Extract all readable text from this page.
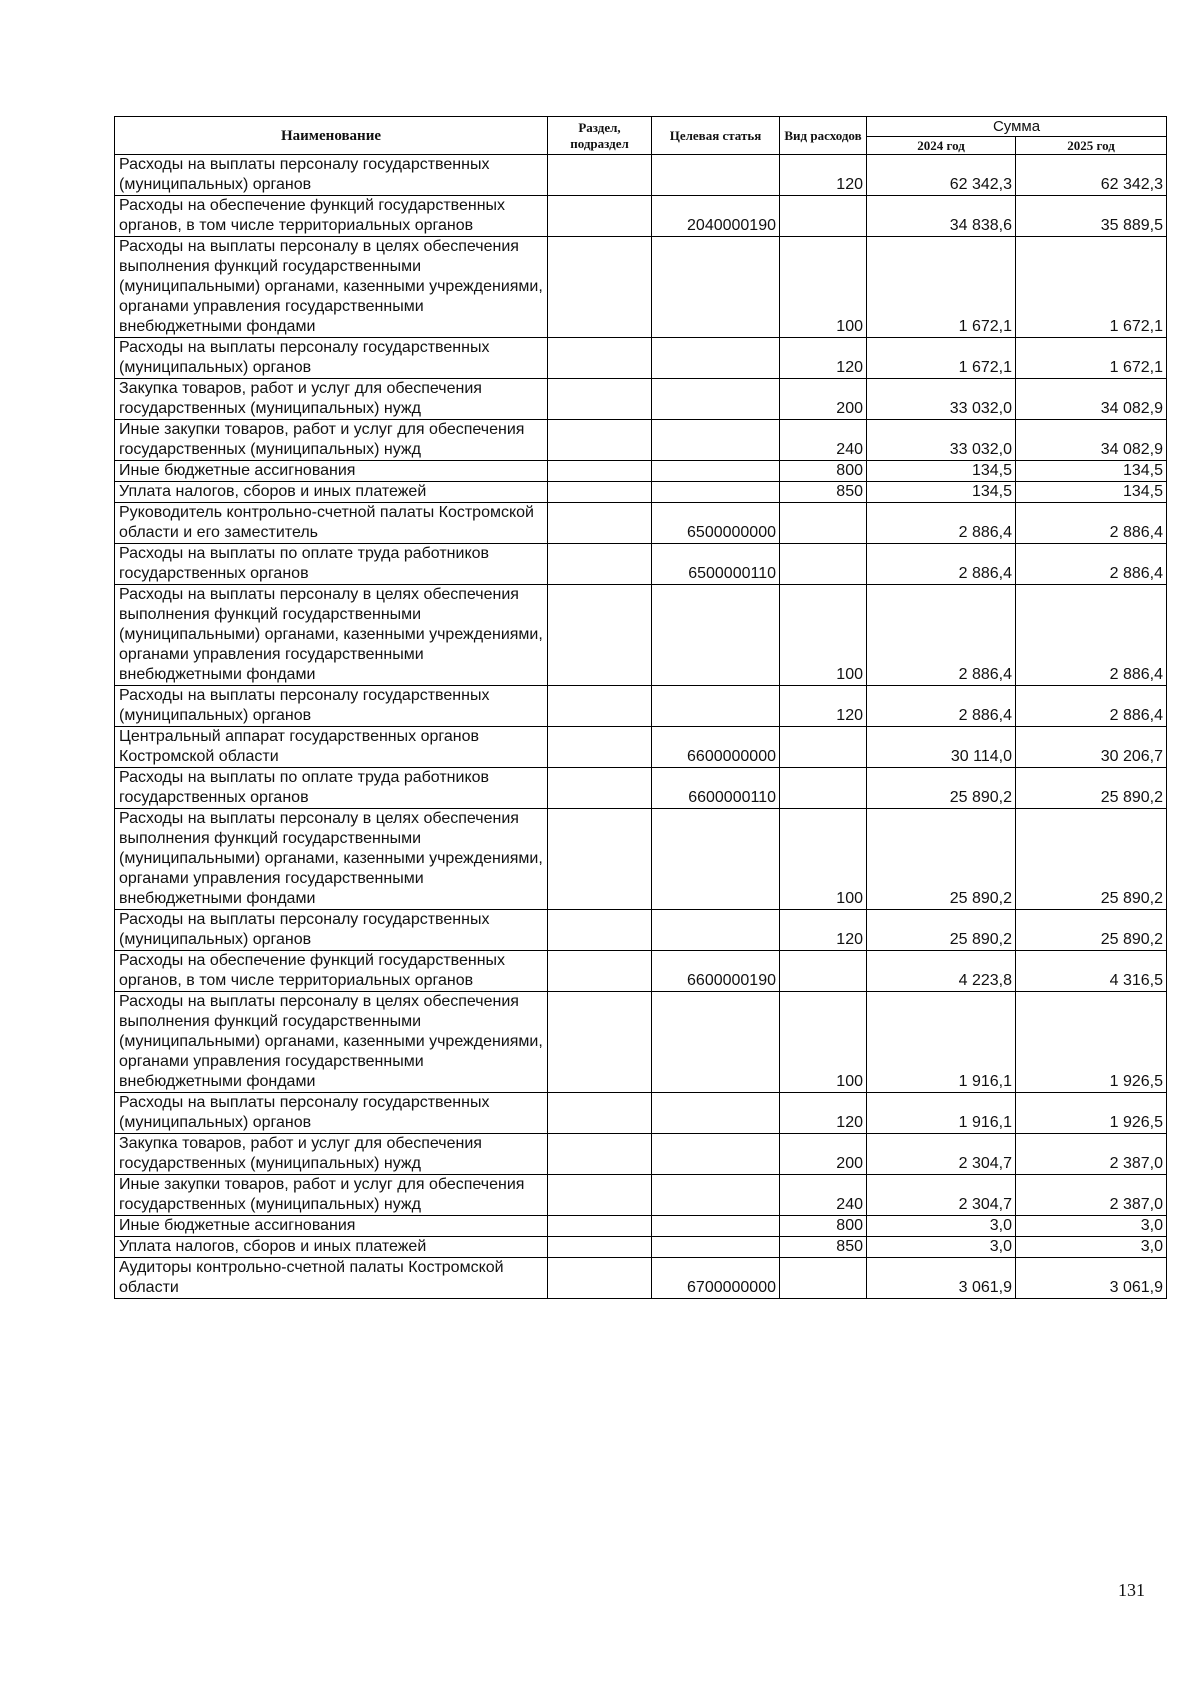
Наименование	Раздел, подраздел	Целевая статья	Вид расходов	Сумма	
				2024 год	2025 год
Расходы на выплаты персоналу государственных (муниципальных) органов			120	62 342,3	62 342,3
Расходы на обеспечение функций государственных органов, в том числе территориальных органов		2040000190		34 838,6	35 889,5
Расходы на выплаты персоналу в целях обеспечения выполнения функций государственными (муниципальными) органами, казенными учреждениями, органами управления государственными внебюджетными фондами			100	1 672,1	1 672,1
Расходы на выплаты персоналу государственных (муниципальных) органов			120	1 672,1	1 672,1
Закупка товаров, работ и услуг для обеспечения государственных (муниципальных) нужд			200	33 032,0	34 082,9
Иные закупки товаров, работ и услуг для обеспечения государственных (муниципальных) нужд			240	33 032,0	34 082,9
Иные бюджетные ассигнования			800	134,5	134,5
Уплата налогов, сборов и иных платежей			850	134,5	134,5
Руководитель контрольно-счетной палаты Костромской области и его заместитель		6500000000		2 886,4	2 886,4
Расходы на выплаты по оплате труда работников государственных органов		6500000110		2 886,4	2 886,4
Расходы на выплаты персоналу в целях обеспечения выполнения функций государственными (муниципальными) органами, казенными учреждениями, органами управления государственными внебюджетными фондами			100	2 886,4	2 886,4
Расходы на выплаты персоналу государственных (муниципальных) органов			120	2 886,4	2 886,4
Центральный аппарат государственных органов Костромской области		6600000000		30 114,0	30 206,7
Расходы на выплаты по оплате труда работников государственных органов		6600000110		25 890,2	25 890,2
Расходы на выплаты персоналу в целях обеспечения выполнения функций государственными (муниципальными) органами, казенными учреждениями, органами управления государственными внебюджетными фондами			100	25 890,2	25 890,2
Расходы на выплаты персоналу государственных (муниципальных) органов			120	25 890,2	25 890,2
Расходы на обеспечение функций государственных органов, в том числе территориальных органов		6600000190		4 223,8	4 316,5
Расходы на выплаты персоналу в целях обеспечения выполнения функций государственными (муниципальными) органами, казенными учреждениями, органами управления государственными внебюджетными фондами			100	1 916,1	1 926,5
Расходы на выплаты персоналу государственных (муниципальных) органов			120	1 916,1	1 926,5
Закупка товаров, работ и услуг для обеспечения государственных (муниципальных) нужд			200	2 304,7	2 387,0
Иные закупки товаров, работ и услуг для обеспечения государственных (муниципальных) нужд			240	2 304,7	2 387,0
Иные бюджетные ассигнования			800	3,0	3,0
Уплата налогов, сборов и иных платежей			850	3,0	3,0
Аудиторы контрольно-счетной палаты Костромской области		6700000000		3 061,9	3 061,9
131
